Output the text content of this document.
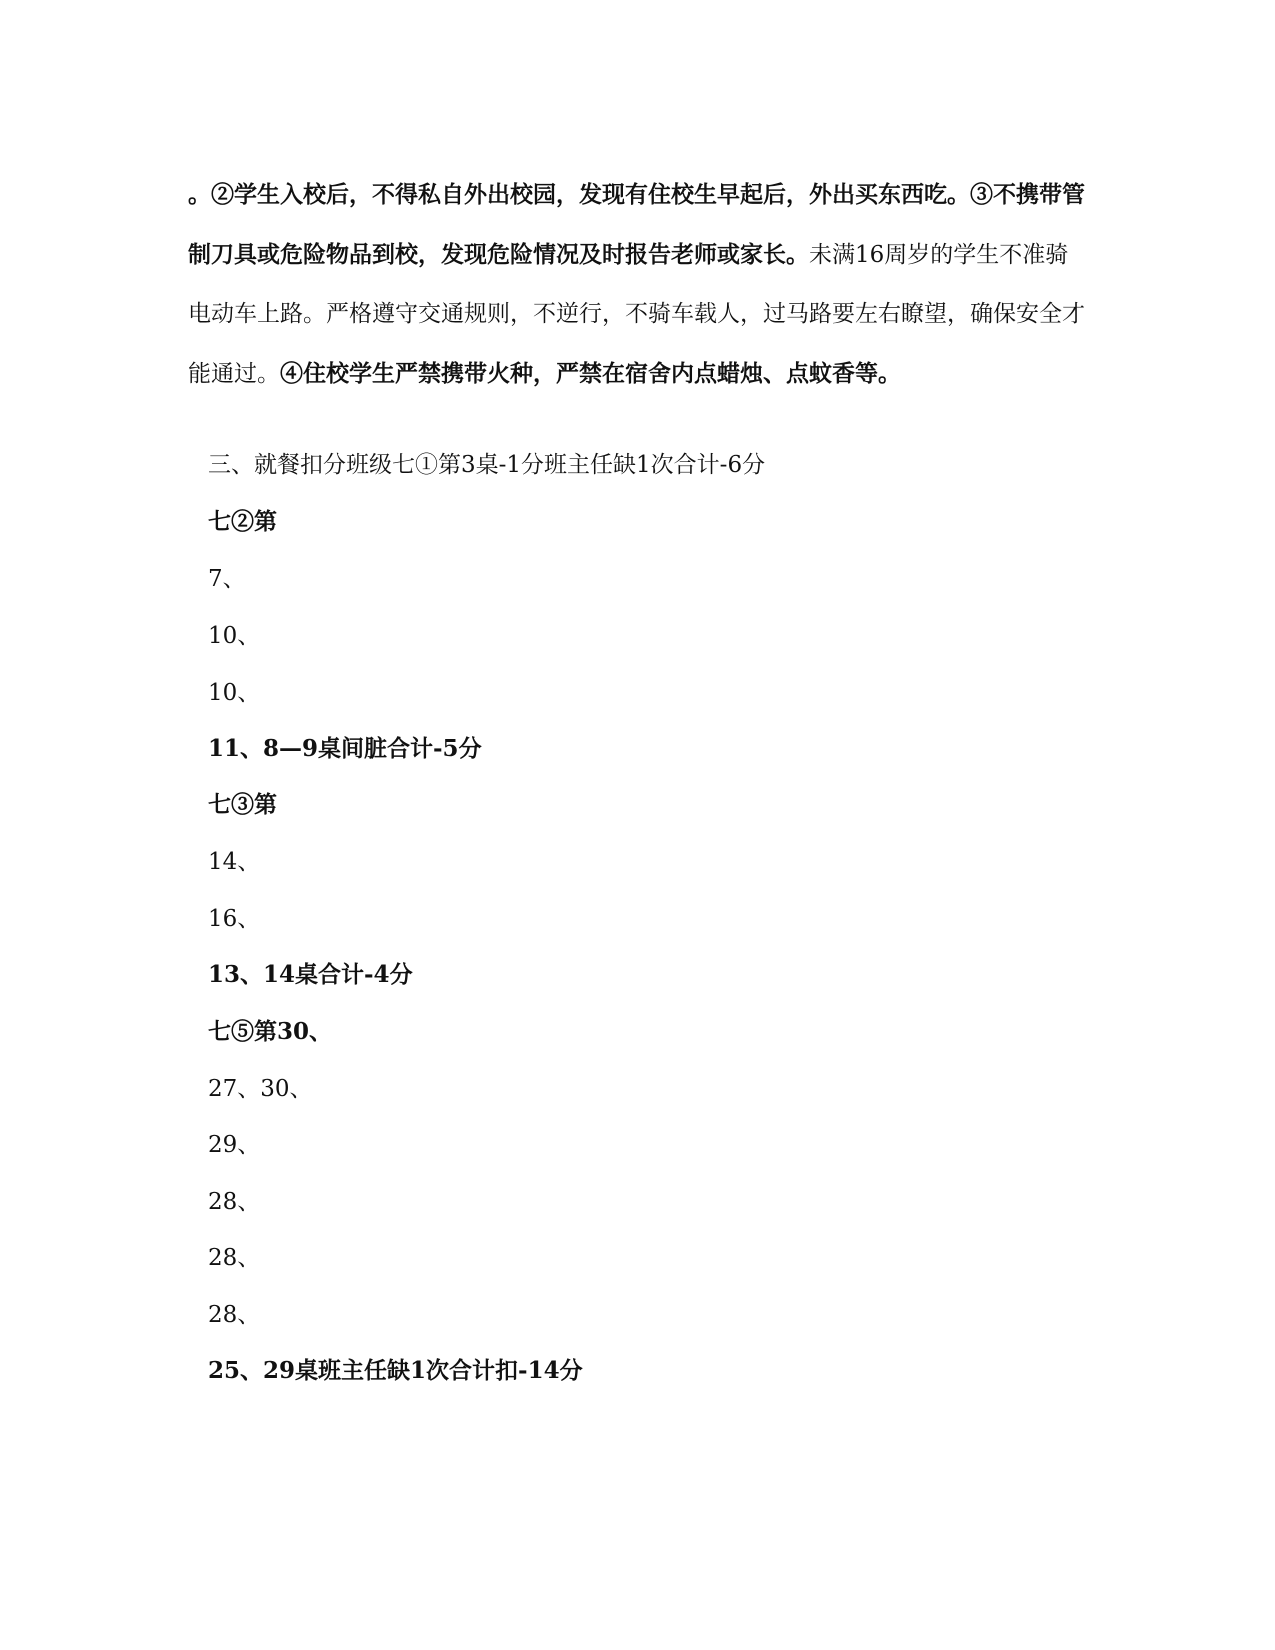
。②学生入校后，不得私自外出校园，发现有住校生早起后，外出买东西吃。③不携带管制刀具或危险物品到校，发现危险情况及时报告老师或家长。未满16周岁的学生不准骑电动车上路。严格遵守交通规则，不逆行，不骑车载人，过马路要左右瞭望，确保安全才能通过。④住校学生严禁携带火种，严禁在宿舍内点蜡烛、点蚊香等。

三、就餐扣分班级七①第3桌-1分班主任缺1次合计-6分

七②第

7、

10、

10、

11、8—9桌间脏合计-5分

七③第

14、

16、

13、14桌合计-4分

七⑤第30、

27、30、

29、

28、

28、

28、

25、29桌班主任缺1次合计扣-14分
